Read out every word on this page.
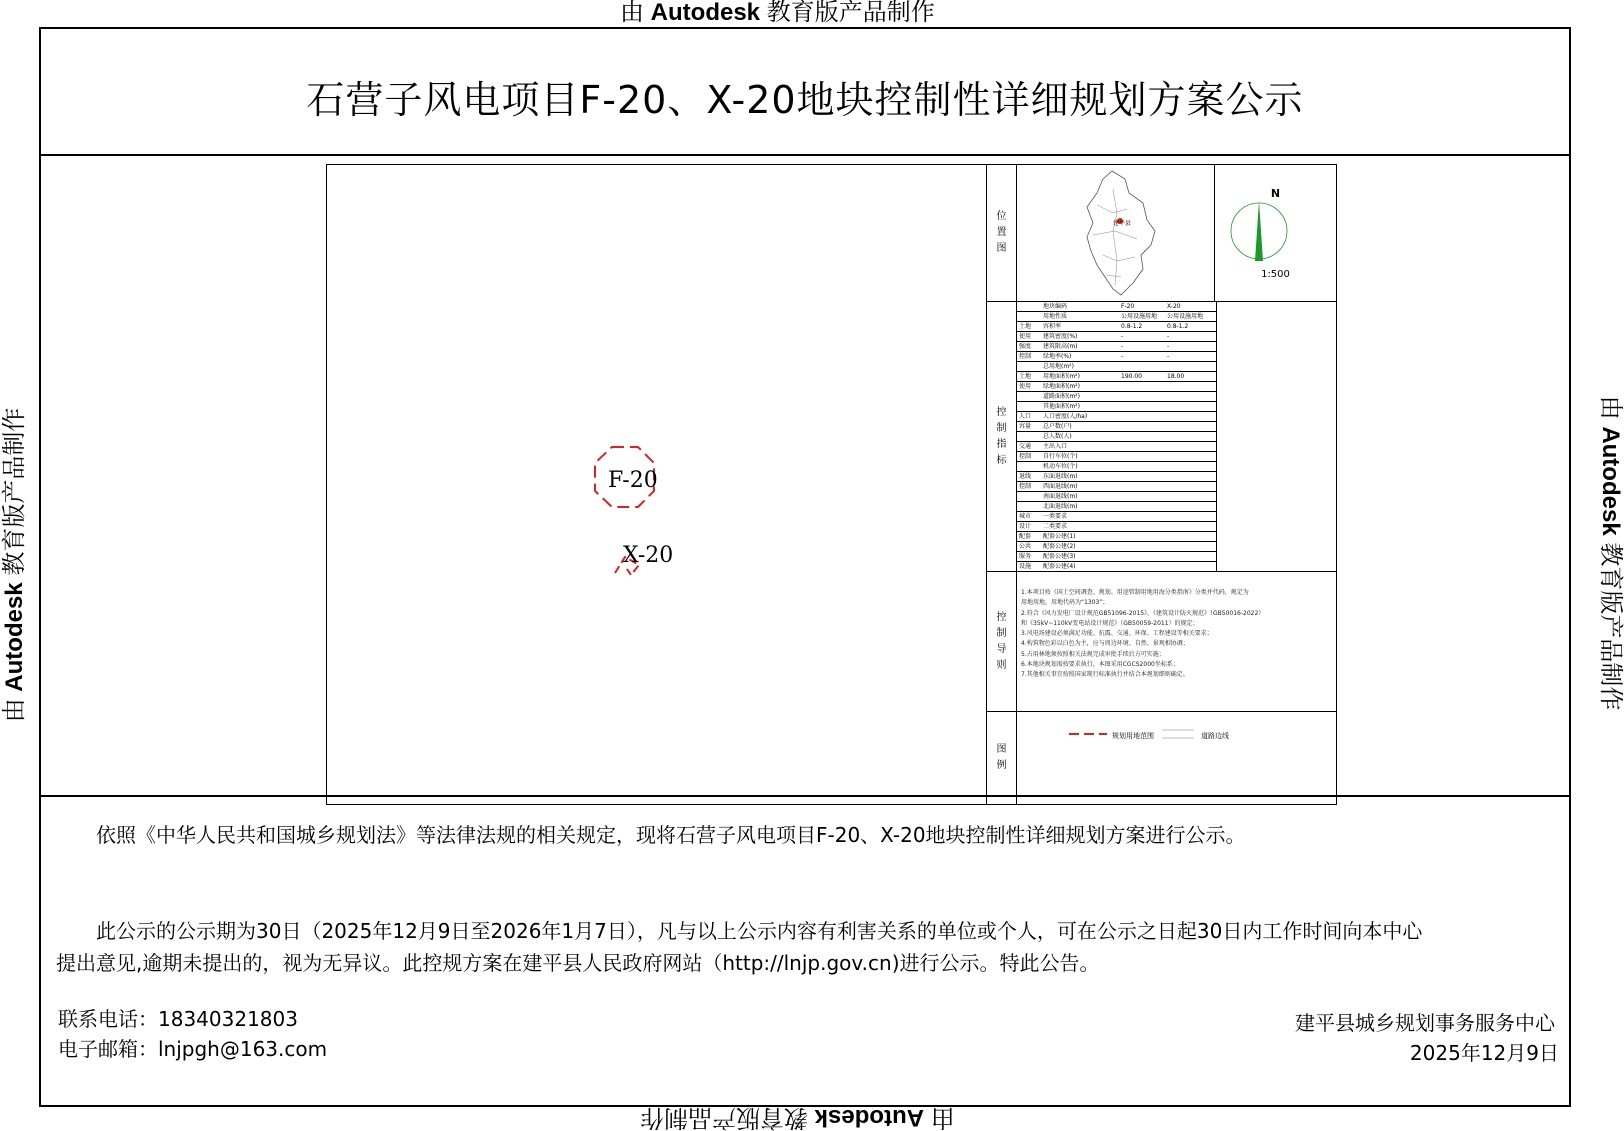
由 Autodesk 教育版产品制作
由 Autodesk 教育版产品制作
由 Autodesk 教育版产品制作	由 Autodesk 教育版产品制作
石营子风电项目F-20、X-20地块控制性详细规划方案公示
F-20
X-20
位
置
图
建平县
N
1:500
控
制
指
标
地块编码	F-20	X-20
用地性质	公用设施用地 公用设施用地
土地 容积率	0.8-1.2	0.8-1.2
使用 建筑密度(%)	-	-
强度 建筑限高(m)	-	-
控制 绿地率(%)	-	-
总用地(m²)
土地 用地面积(m²)	190.00	18.00
使用 绿地面积(m²)
道路面积(m²)
其他面积(m²)
人口 人口密度(人/ha)
容量 总户数(户)
总人数(人)
交通 主出入口
控制 自行车位(个)
机动车位(个)
退线 东面退线(m)
控制 西面退线(m)
南面退线(m)
北面退线(m)
城市 一类要求
设计 二类要求
配套 配套公建(1)
公共 配套公建(2)
服务 配套公建(3)
设施 配套公建(4)
控
制
导
则
1.本项目按《国土空间调查、规划、用途管制用地用海分类指南》分类并代码，规定为
用地用地，用地代码为“1303”；
2.符合《风力发电厂设计规范GB51096-2015》、《建筑设计防火规范》（GB50016-2022）
和《35kV~110kV变电站设计规范》（GB50059-2011）的规定；
3.风电场建设必须满足功能、抗震、交通、环保、工程建设等相关要求；
4.构筑物色彩以白色为主，应与周边环境、自然、景观相协调；
5.占用林地须按照相关法规完成审批手续后方可实施；
6.本地块规划需按要求执行，本图采用CGCS2000坐标系；
7.其他相关事宜按照国家现行标准执行并结合本规划细则确定。
图
例
规划用地范围	道路边线
依照《中华人民共和国城乡规划法》等法律法规的相关规定，现将石营子风电项目F-20、X-20地块控制性详细规划方案进行公示。
此公示的公示期为30日（2025年12月9日至2026年1月7日），凡与以上公示内容有利害关系的单位或个人，可在公示之日起30日内工作时间向本中心
提出意见,逾期未提出的，视为无异议。此控规方案在建平县人民政府网站（http://lnjp.gov.cn)进行公示。特此公告。
联系电话：18340321803
电子邮箱：lnjpgh@163.com
建平县城乡规划事务服务中心
2025年12月9日
